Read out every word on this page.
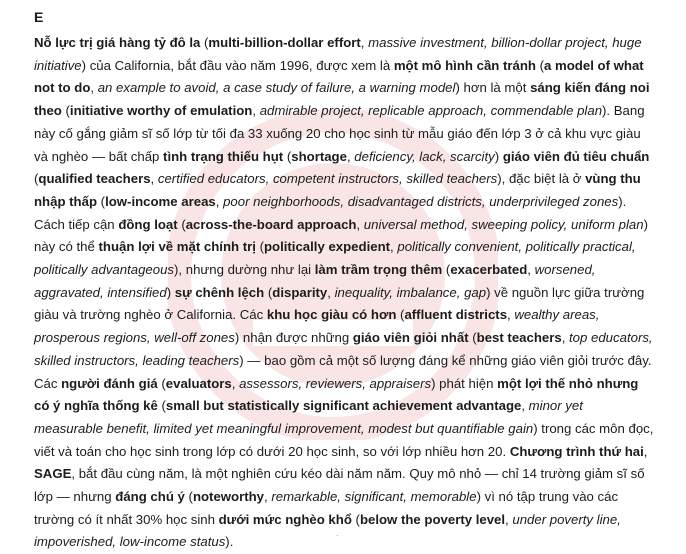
E

Nỗ lực trị giá hàng tỷ đô la (multi-billion-dollar effort, massive investment, billion-dollar project, huge initiative) của California, bắt đầu vào năm 1996, được xem là một mô hình cần tránh (a model of what not to do, an example to avoid, a case study of failure, a warning model) hơn là một sáng kiến đáng noi theo (initiative worthy of emulation, admirable project, replicable approach, commendable plan). Bang này cố gắng giảm sĩ số lớp từ tối đa 33 xuống 20 cho học sinh từ mẫu giáo đến lớp 3 ở cả khu vực giàu và nghèo — bất chấp tình trạng thiếu hụt (shortage, deficiency, lack, scarcity) giáo viên đủ tiêu chuẩn (qualified teachers, certified educators, competent instructors, skilled teachers), đặc biệt là ở vùng thu nhập thấp (low-income areas, poor neighborhoods, disadvantaged districts, underprivileged zones). Cách tiếp cận đồng loạt (across-the-board approach, universal method, sweeping policy, uniform plan) này có thể thuận lợi về mặt chính trị (politically expedient, politically convenient, politically practical, politically advantageous), nhưng dường như lại làm trầm trọng thêm (exacerbated, worsened, aggravated, intensified) sự chênh lệch (disparity, inequality, imbalance, gap) về nguồn lực giữa trường giàu và trường nghèo ở California. Các khu học giàu có hơn (affluent districts, wealthy areas, prosperous regions, well-off zones) nhận được những giáo viên giỏi nhất (best teachers, top educators, skilled instructors, leading teachers) — bao gồm cả một số lượng đáng kể những giáo viên giỏi trước đây. Các người đánh giá (evaluators, assessors, reviewers, appraisers) phát hiện một lợi thế nhỏ nhưng có ý nghĩa thống kê (small but statistically significant achievement advantage, minor yet measurable benefit, limited yet meaningful improvement, modest but quantifiable gain) trong các môn đọc, viết và toán cho học sinh trong lớp có dưới 20 học sinh, so với lớp nhiều hơn 20. Chương trình thứ hai, SAGE, bắt đầu cùng năm, là một nghiên cứu kéo dài năm năm. Quy mô nhỏ — chỉ 14 trường giảm sĩ số lớp — nhưng đáng chú ý (noteworthy, remarkable, significant, memorable) vì nó tập trung vào các trường có ít nhất 30% học sinh dưới mức nghèo khổ (below the poverty level, under poverty line, impoverished, low-income status).

.
